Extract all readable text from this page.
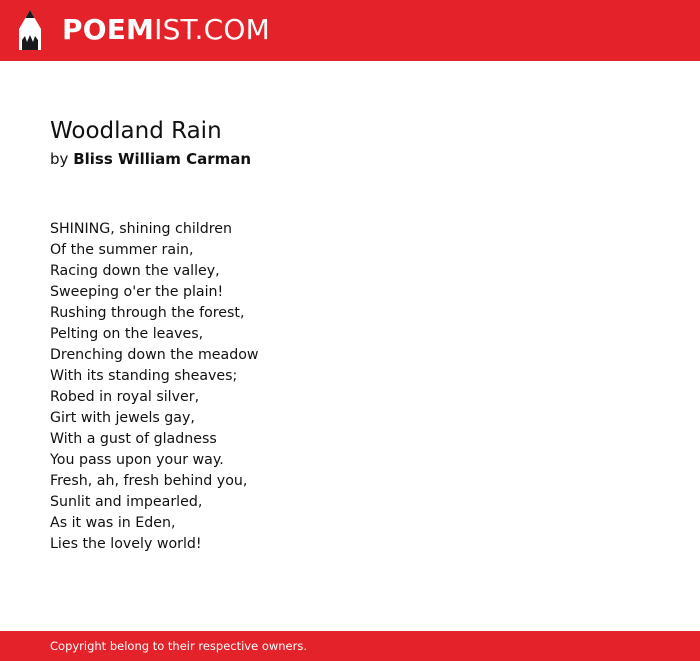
POEMIST.COM
Woodland Rain
by Bliss William Carman
SHINING, shining children
Of the summer rain,
Racing down the valley,
Sweeping o'er the plain!
Rushing through the forest,
Pelting on the leaves,
Drenching down the meadow
With its standing sheaves;
Robed in royal silver,
Girt with jewels gay,
With a gust of gladness
You pass upon your way.
Fresh, ah, fresh behind you,
Sunlit and impearled,
As it was in Eden,
Lies the lovely world!
Copyright belong to their respective owners.
